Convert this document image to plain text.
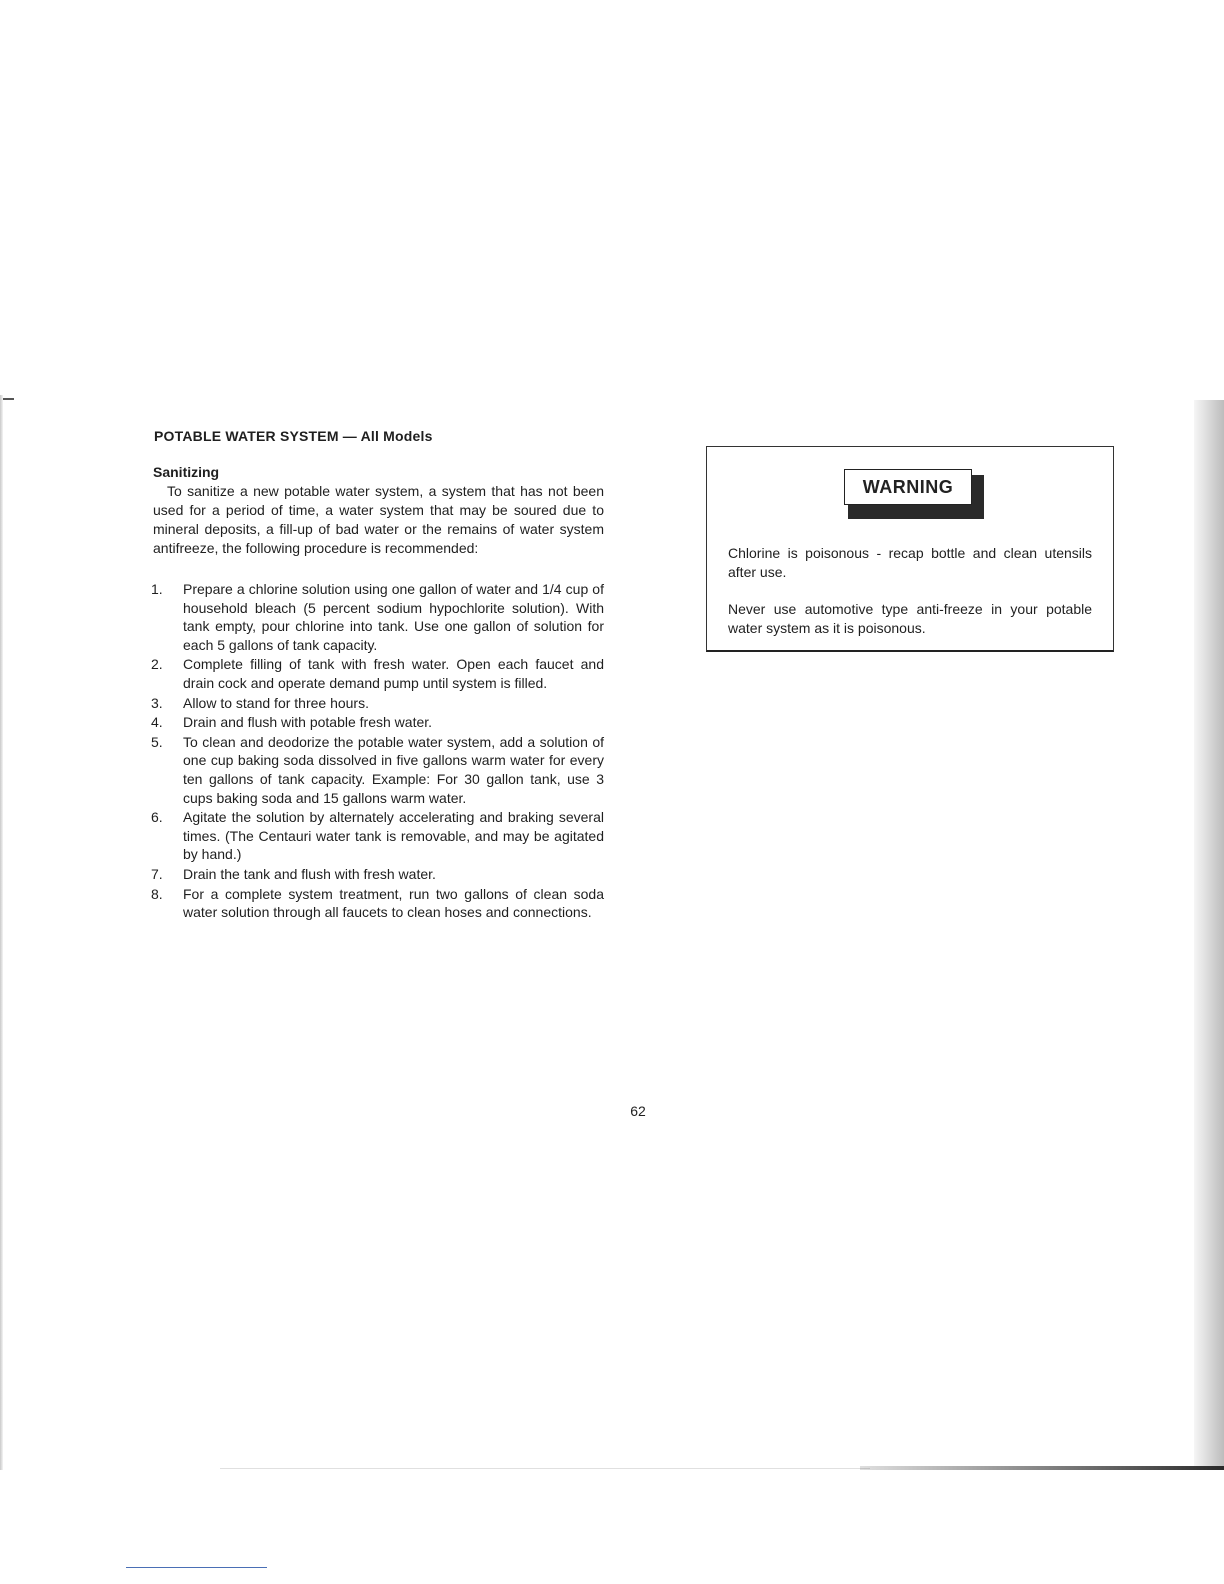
POTABLE WATER SYSTEM — All Models
Sanitizing

To sanitize a new potable water system, a system that has not been used for a period of time, a water system that may be soured due to mineral deposits, a fill-up of bad water or the remains of water system antifreeze, the following procedure is recommended:

1.	Prepare a chlorine solution using one gallon of water and 1/4 cup of household bleach (5 percent sodium hypochlorite solution). With tank empty, pour chlorine into tank. Use one gallon of solution for each 5 gallons of tank capacity.
2.	Complete filling of tank with fresh water. Open each faucet and drain cock and operate demand pump until system is filled.
3.	Allow to stand for three hours.
4.	Drain and flush with potable fresh water.
5.	To clean and deodorize the potable water system, add a solution of one cup baking soda dissolved in five gallons warm water for every ten gallons of tank capacity. Example: For 30 gallon tank, use 3 cups baking soda and 15 gallons warm water.
6.	Agitate the solution by alternately accelerating and braking several times. (The Centauri water tank is removable, and may be agitated by hand.)
7.	Drain the tank and flush with fresh water.
8.	For a complete system treatment, run two gallons of clean soda water solution through all faucets to clean hoses and connections.
WARNING

Chlorine is poisonous - recap bottle and clean utensils after use.

Never use automotive type anti-freeze in your potable water system as it is poisonous.

62
